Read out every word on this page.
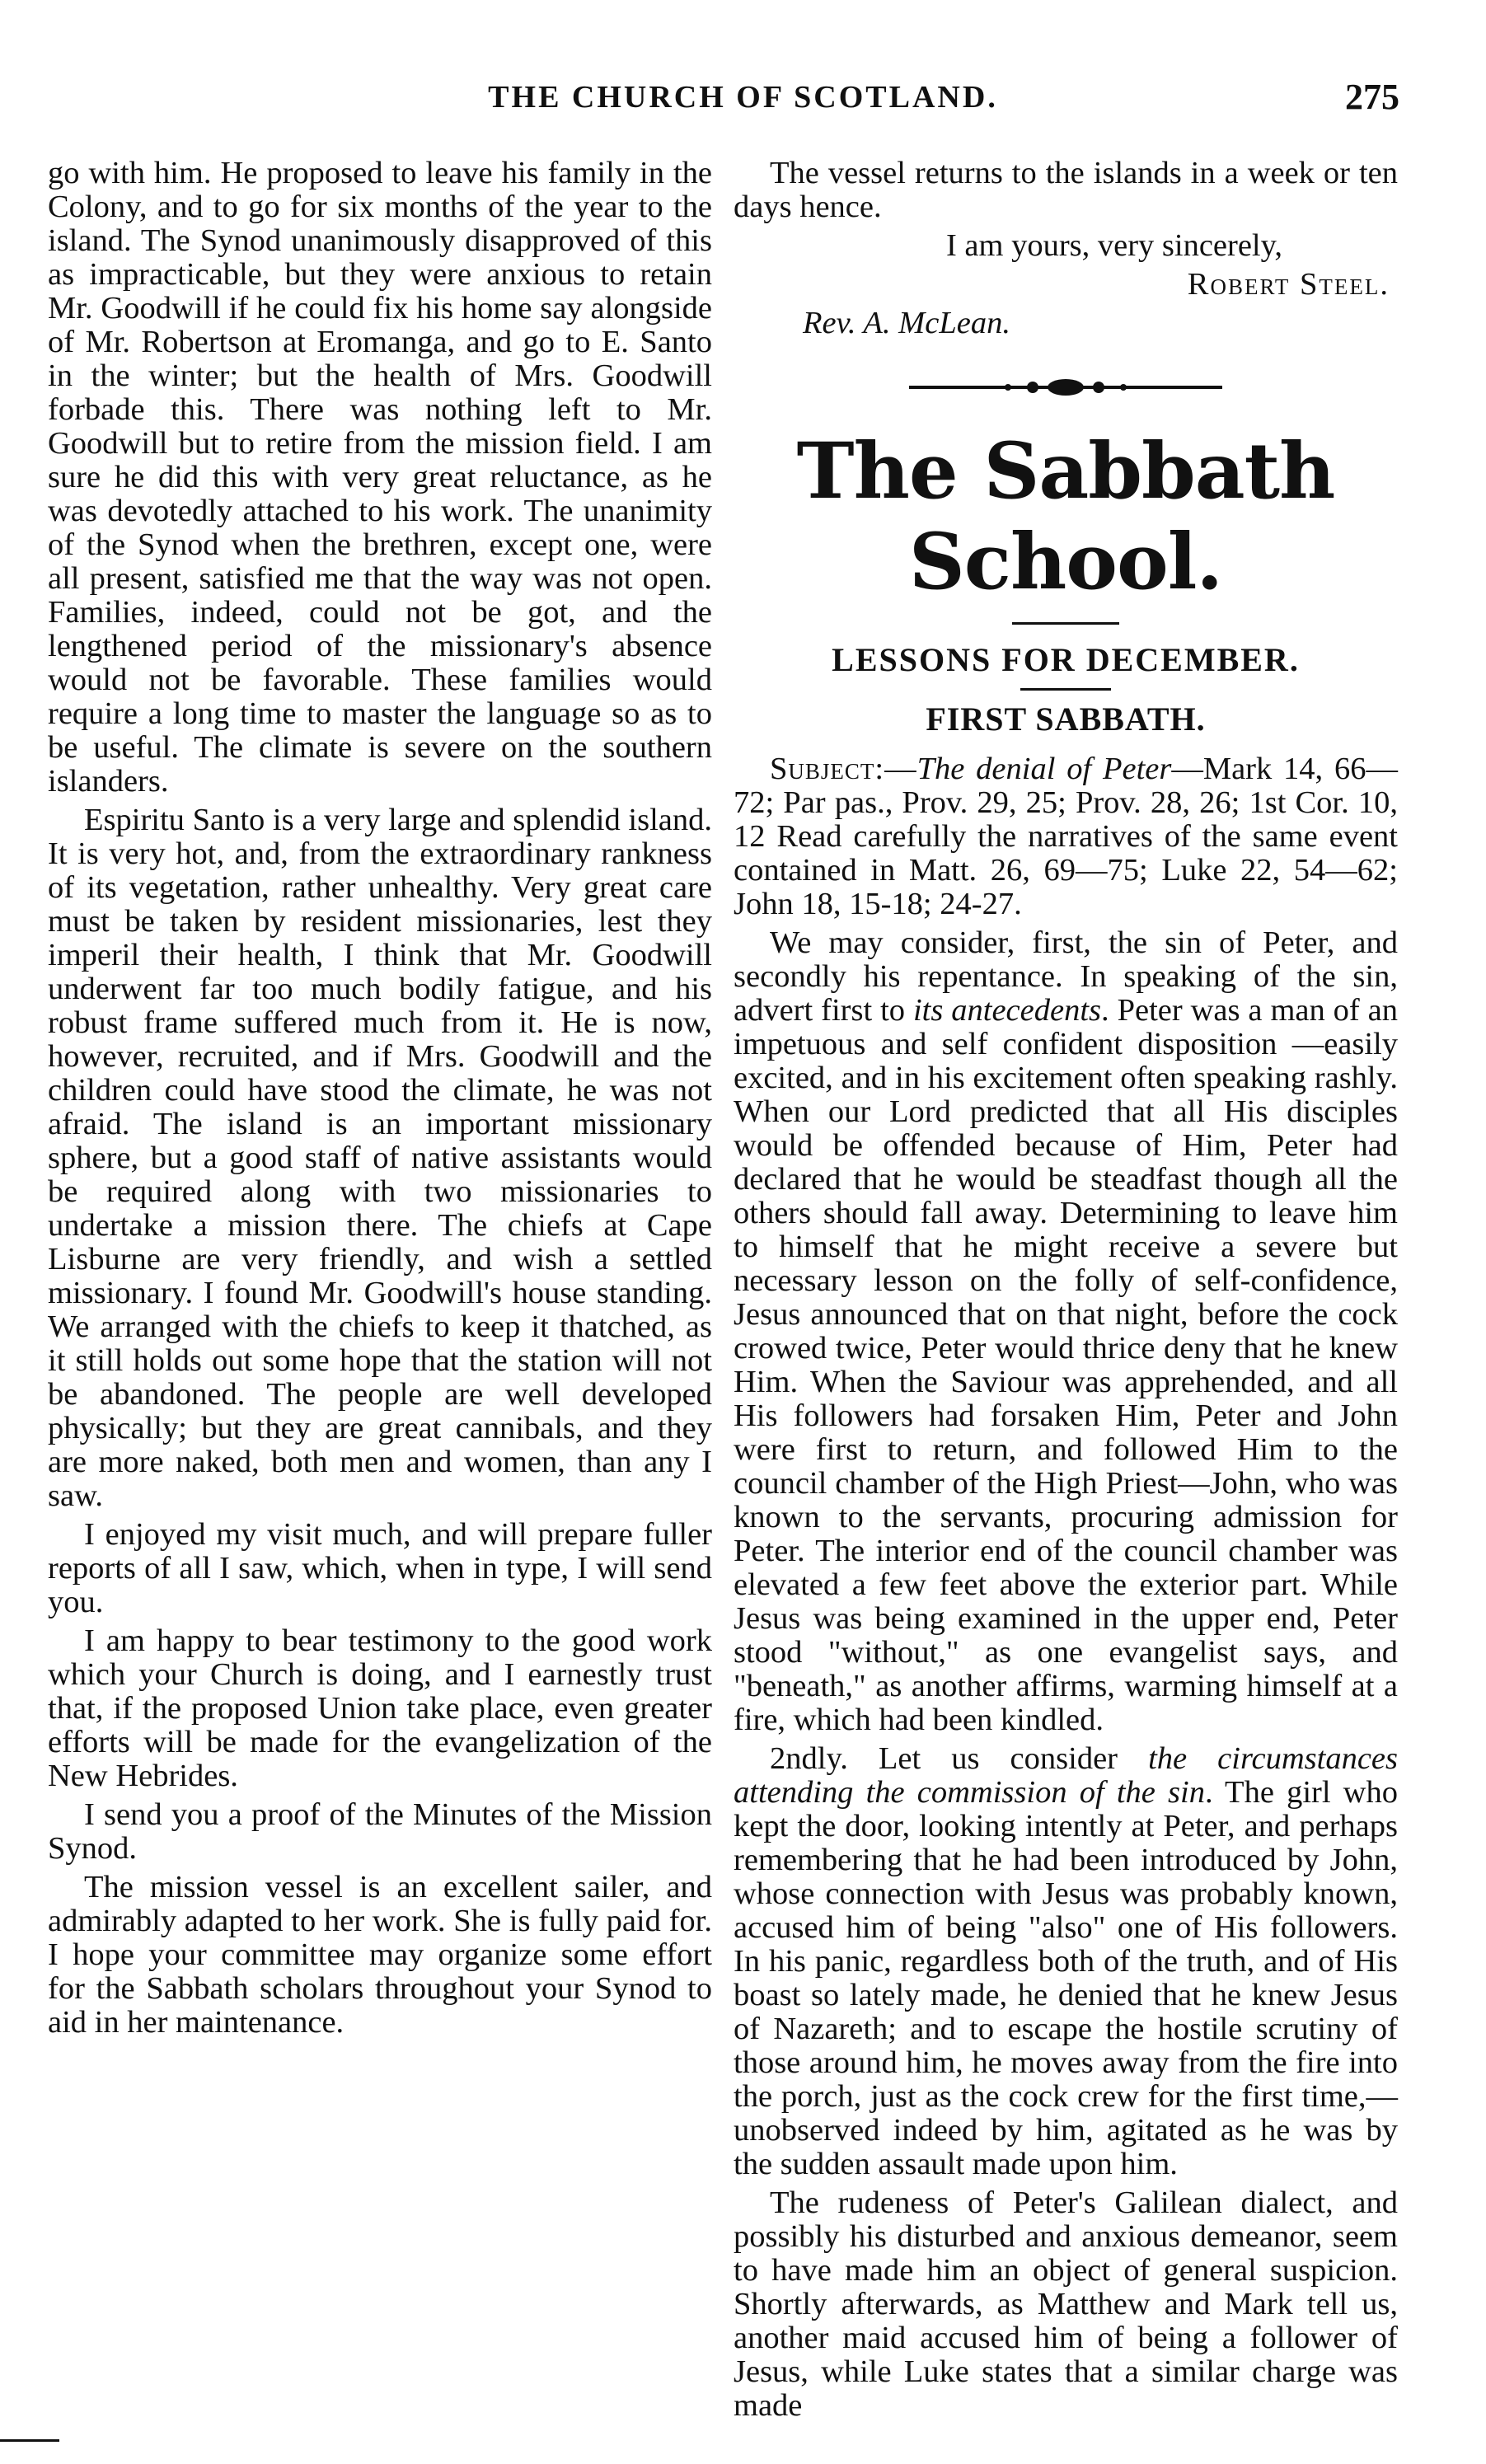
THE CHURCH OF SCOTLAND.	275

go with him. He proposed to leave his family in the Colony, and to go for six months of the year to the island. The Synod unanimously disapproved of this as impracticable, but they were anxious to retain Mr. Goodwill if he could fix his home say alongside of Mr. Robertson at Eromanga, and go to E. Santo in the winter; but the health of Mrs. Goodwill forbade this. There was nothing left to Mr. Goodwill but to retire from the mission field. I am sure he did this with very great reluctance, as he was devotedly attached to his work. The unanimity of the Synod when the brethren, except one, were all present, satisfied me that the way was not open. Families, indeed, could not be got, and the lengthened period of the missionary's absence would not be favorable. These families would require a long time to master the language so as to be useful. The climate is severe on the southern islanders.

Espiritu Santo is a very large and splendid island. It is very hot, and, from the extraordinary rankness of its vegetation, rather unhealthy. Very great care must be taken by resident missionaries, lest they imperil their health, I think that Mr. Goodwill underwent far too much bodily fatigue, and his robust frame suffered much from it. He is now, however, recruited, and if Mrs. Goodwill and the children could have stood the climate, he was not afraid. The island is an important missionary sphere, but a good staff of native assistants would be required along with two missionaries to undertake a mission there. The chiefs at Cape Lisburne are very friendly, and wish a settled missionary. I found Mr. Goodwill's house standing. We arranged with the chiefs to keep it thatched, as it still holds out some hope that the station will not be abandoned. The people are well developed physically; but they are great cannibals, and they are more naked, both men and women, than any I saw.

I enjoyed my visit much, and will prepare fuller reports of all I saw, which, when in type, I will send you.

I am happy to bear testimony to the good work which your Church is doing, and I earnestly trust that, if the proposed Union take place, even greater efforts will be made for the evangelization of the New Hebrides.

I send you a proof of the Minutes of the Mission Synod.

The mission vessel is an excellent sailer, and admirably adapted to her work. She is fully paid for. I hope your committee may organize some effort for the Sabbath scholars throughout your Synod to aid in her maintenance.

The vessel returns to the islands in a week or ten days hence.

I am yours, very sincerely,

Robert Steel.

Rev. A. McLean.

The Sabbath School.
LESSONS FOR DECEMBER.
FIRST SABBATH.

Subject:—The denial of Peter—Mark 14, 66—72; Par pas., Prov. 29, 25; Prov. 28, 26; 1st Cor. 10, 12 Read carefully the narratives of the same event contained in Matt. 26, 69—75; Luke 22, 54—62; John 18, 15-18; 24-27.

We may consider, first, the sin of Peter, and secondly his repentance. In speaking of the sin, advert first to its antecedents. Peter was a man of an impetuous and self confident disposition —easily excited, and in his excitement often speaking rashly. When our Lord predicted that all His disciples would be offended because of Him, Peter had declared that he would be steadfast though all the others should fall away. Determining to leave him to himself that he might receive a severe but necessary lesson on the folly of self-confidence, Jesus announced that on that night, before the cock crowed twice, Peter would thrice deny that he knew Him. When the Saviour was apprehended, and all His followers had forsaken Him, Peter and John were first to return, and followed Him to the council chamber of the High Priest—John, who was known to the servants, procuring admission for Peter. The interior end of the council chamber was elevated a few feet above the exterior part. While Jesus was being examined in the upper end, Peter stood "without," as one evangelist says, and "beneath," as another affirms, warming himself at a fire, which had been kindled.

2ndly. Let us consider the circumstances attending the commission of the sin. The girl who kept the door, looking intently at Peter, and perhaps remembering that he had been introduced by John, whose connection with Jesus was probably known, accused him of being "also" one of His followers. In his panic, regardless both of the truth, and of His boast so lately made, he denied that he knew Jesus of Nazareth; and to escape the hostile scrutiny of those around him, he moves away from the fire into the porch, just as the cock crew for the first time,—unobserved indeed by him, agitated as he was by the sudden assault made upon him.

The rudeness of Peter's Galilean dialect, and possibly his disturbed and anxious demeanor, seem to have made him an object of general suspicion. Shortly afterwards, as Matthew and Mark tell us, another maid accused him of being a follower of Jesus, while Luke states that a similar charge was made
